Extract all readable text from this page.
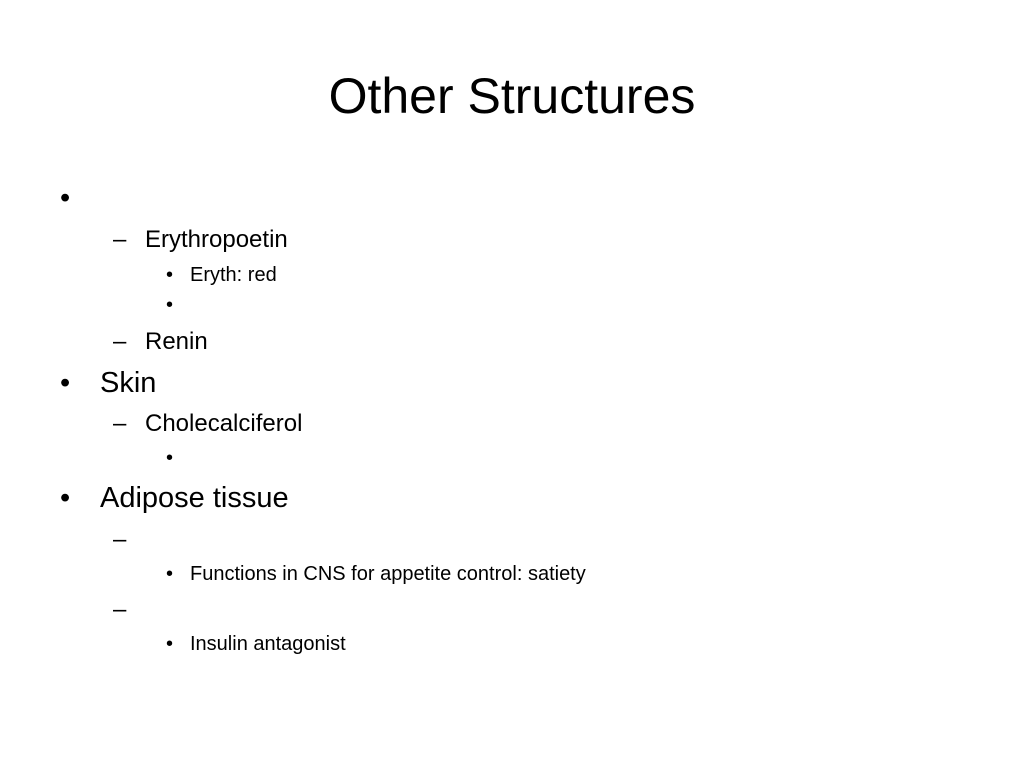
Other Structures
•
– Erythropoetin
• Eryth: red
•
– Renin
• Skin
– Cholecalciferol
•
• Adipose tissue
–
• Functions in CNS for appetite control: satiety
–
• Insulin antagonist
